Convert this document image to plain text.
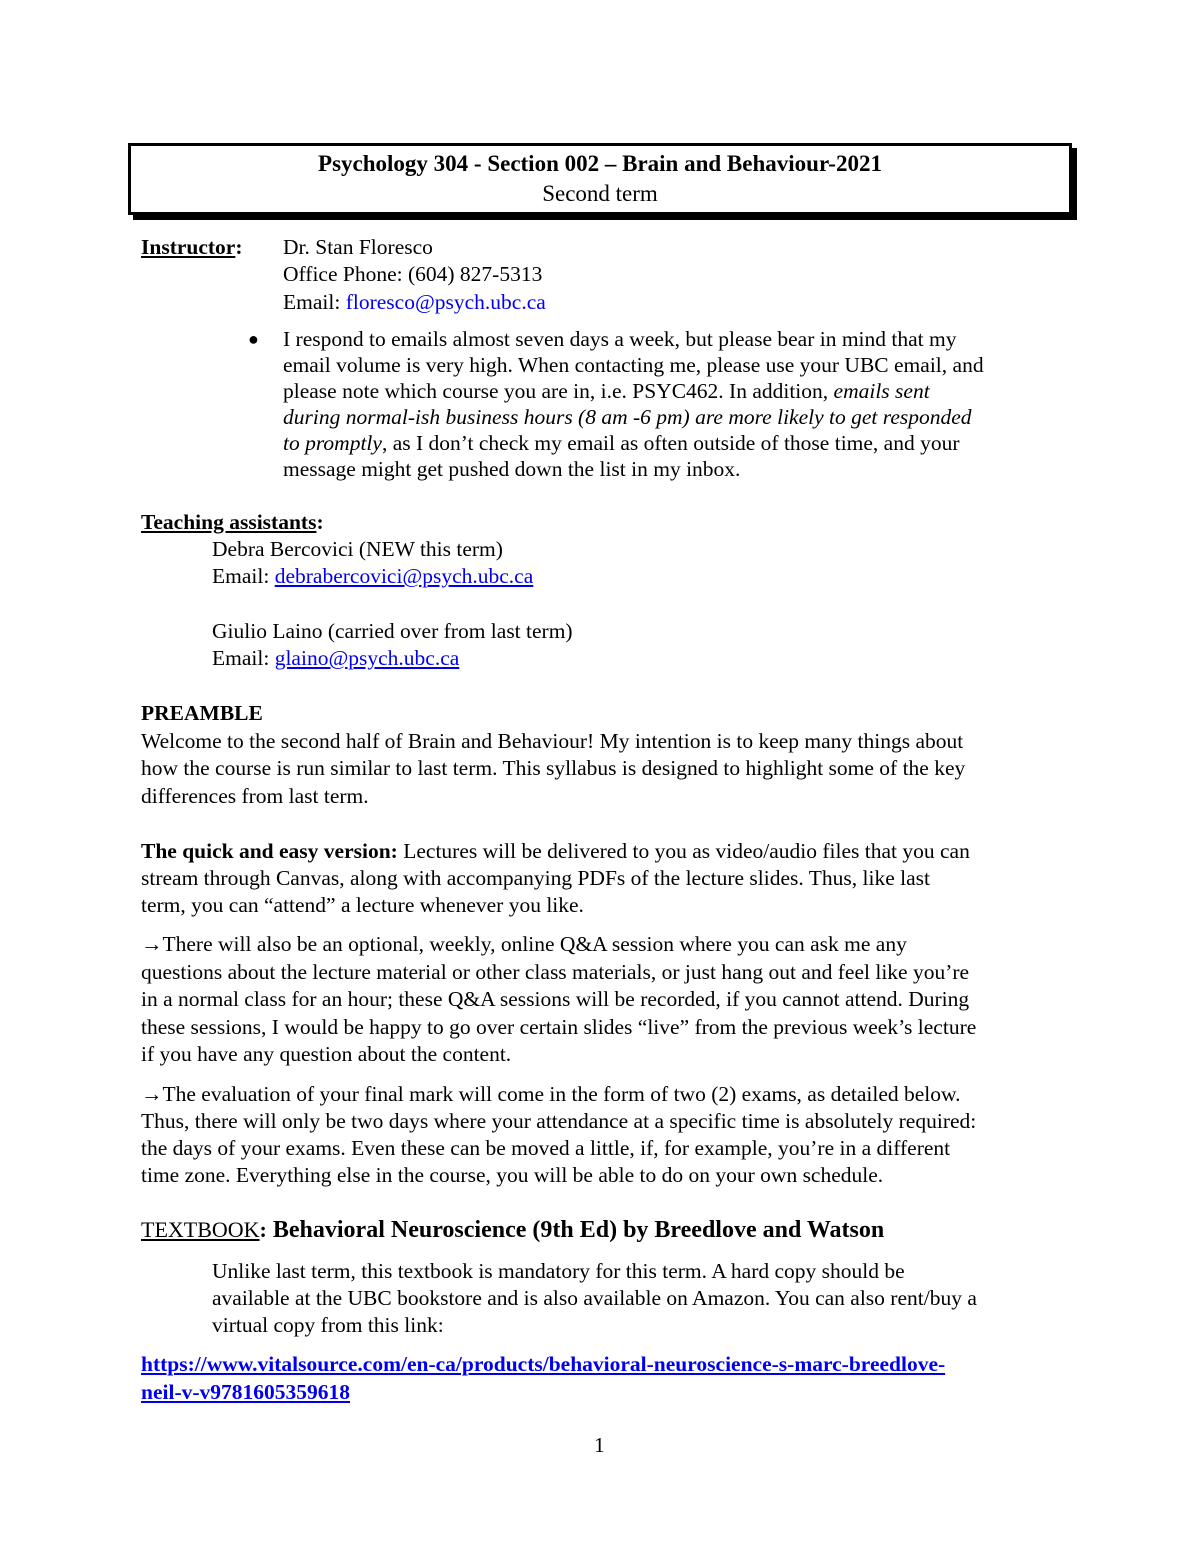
Psychology 304 - Section 002 – Brain and Behaviour-2021
Second term
Instructor: Dr. Stan Floresco
Office Phone: (604) 827-5313
Email: floresco@psych.ubc.ca
● I respond to emails almost seven days a week, but please bear in mind that my
email volume is very high. When contacting me, please use your UBC email, and
please note which course you are in, i.e. PSYC462. In addition, emails sent
during normal-ish business hours (8 am -6 pm) are more likely to get responded
to promptly, as I don’t check my email as often outside of those time, and your
message might get pushed down the list in my inbox.
Teaching assistants:
Debra Bercovici (NEW this term)
Email: debrabercovici@psych.ubc.ca
Giulio Laino (carried over from last term)
Email: glaino@psych.ubc.ca
PREAMBLE
Welcome to the second half of Brain and Behaviour! My intention is to keep many things about
how the course is run similar to last term. This syllabus is designed to highlight some of the key
differences from last term.
The quick and easy version: Lectures will be delivered to you as video/audio files that you can
stream through Canvas, along with accompanying PDFs of the lecture slides. Thus, like last
term, you can “attend” a lecture whenever you like.
→There will also be an optional, weekly, online Q&A session where you can ask me any
questions about the lecture material or other class materials, or just hang out and feel like you’re
in a normal class for an hour; these Q&A sessions will be recorded, if you cannot attend. During
these sessions, I would be happy to go over certain slides “live” from the previous week’s lecture
if you have any question about the content.
→The evaluation of your final mark will come in the form of two (2) exams, as detailed below.
Thus, there will only be two days where your attendance at a specific time is absolutely required:
the days of your exams. Even these can be moved a little, if, for example, you’re in a different
time zone. Everything else in the course, you will be able to do on your own schedule.
TEXTBOOK: Behavioral Neuroscience (9th Ed) by Breedlove and Watson
Unlike last term, this textbook is mandatory for this term. A hard copy should be
available at the UBC bookstore and is also available on Amazon. You can also rent/buy a
virtual copy from this link:
https://www.vitalsource.com/en-ca/products/behavioral-neuroscience-s-marc-breedlove-
neil-v-v9781605359618
1
